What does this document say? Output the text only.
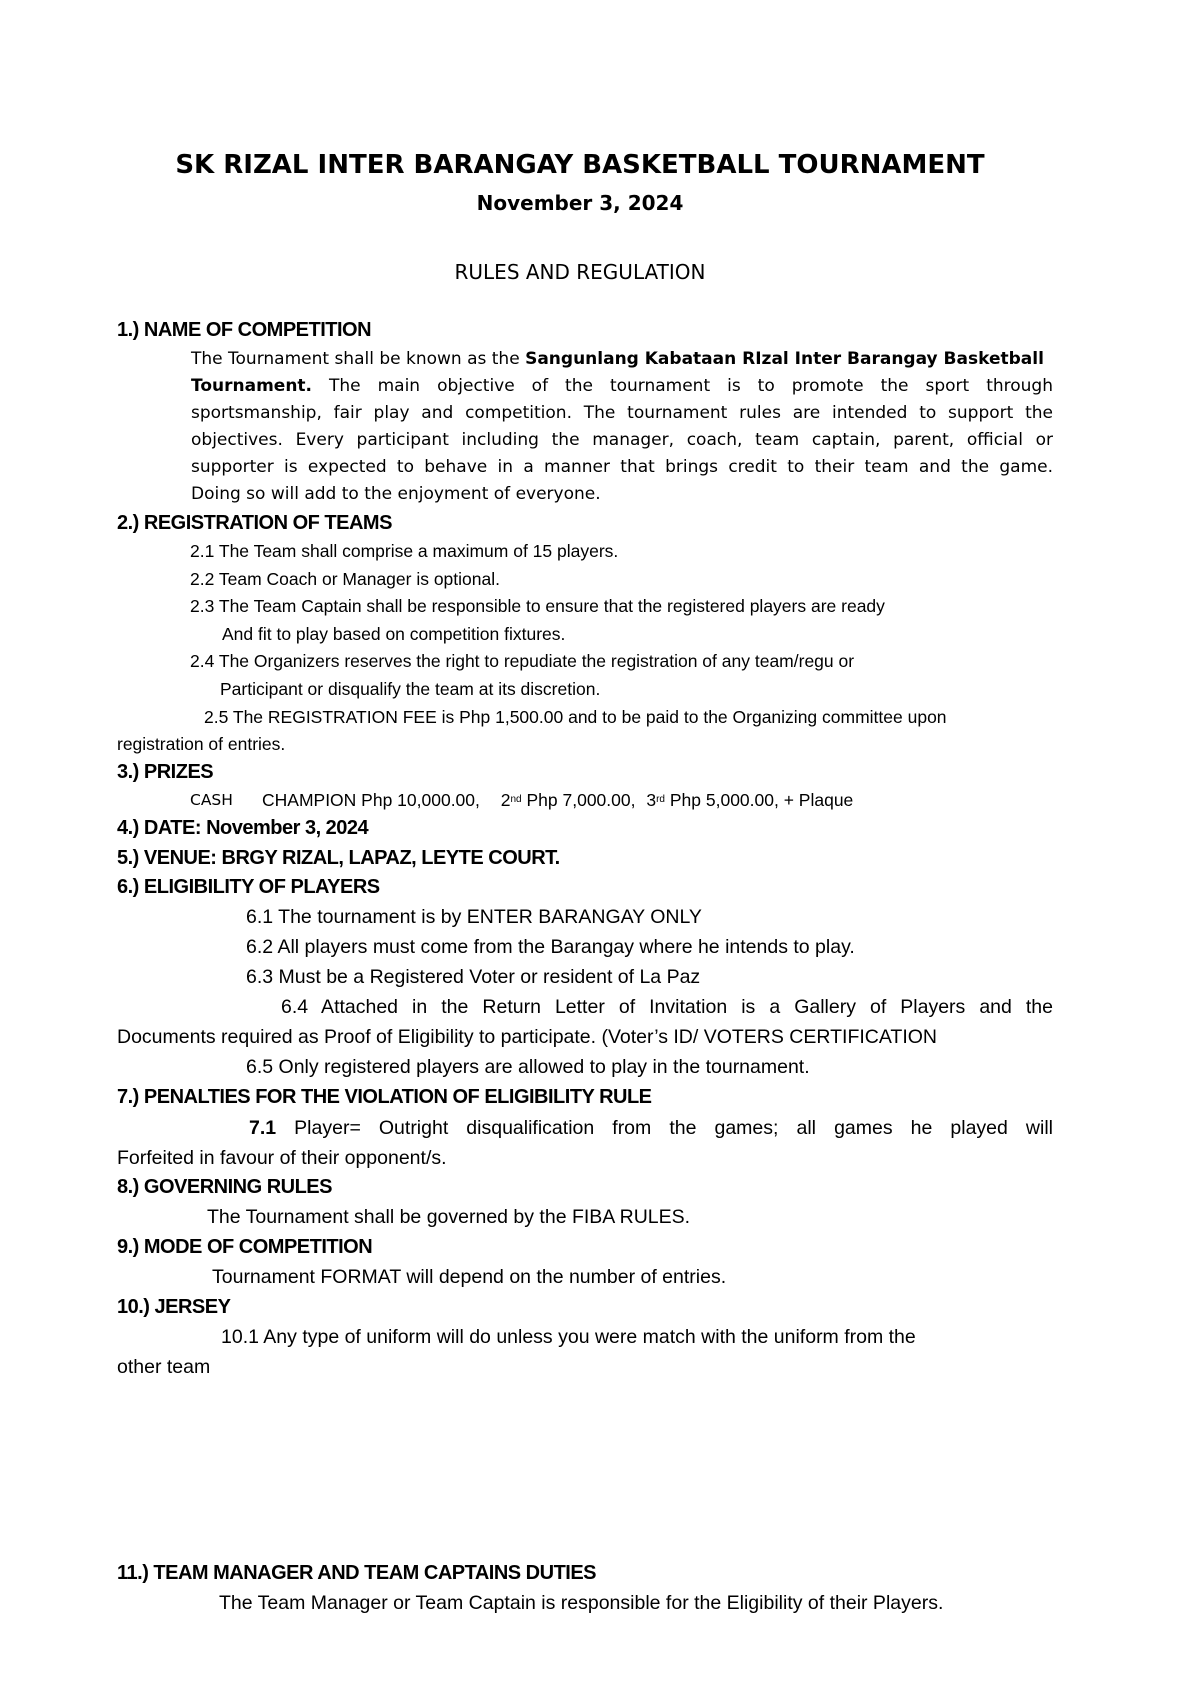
SK RIZAL INTER BARANGAY BASKETBALL TOURNAMENT
November 3, 2024
RULES AND REGULATION
1.) NAME OF COMPETITION
The Tournament shall be known as the Sangunlang Kabataan RIzal Inter Barangay Basketball
Tournament. The main objective of the tournament is to promote the sport through
sportsmanship, fair play and competition. The tournament rules are intended to support the
objectives. Every participant including the manager, coach, team captain, parent, official or
supporter is expected to behave in a manner that brings credit to their team and the game.
Doing so will add to the enjoyment of everyone.
2.) REGISTRATION OF TEAMS
2.1 The Team shall comprise a maximum of 15 players.
2.2 Team Coach or Manager is optional.
2.3 The Team Captain shall be responsible to ensure that the registered players are ready
And fit to play based on competition fixtures.
2.4 The Organizers reserves the right to repudiate the registration of any team/regu or
Participant or disqualify the team at its discretion.
2.5 The REGISTRATION FEE is Php 1,500.00 and to be paid to the Organizing committee upon
registration of entries.
3.) PRIZES
CASH CHAMPION Php 10,000.00, 2nd Php 7,000.00, 3rd Php 5,000.00, + Plaque
4.) DATE: November 3, 2024
5.) VENUE: BRGY RIZAL, LAPAZ, LEYTE COURT.
6.) ELIGIBILITY OF PLAYERS
6.1 The tournament is by ENTER BARANGAY ONLY
6.2 All players must come from the Barangay where he intends to play.
6.3 Must be a Registered Voter or resident of La Paz
6.4 Attached in the Return Letter of Invitation is a Gallery of Players and the
Documents required as Proof of Eligibility to participate. (Voter’s ID/ VOTERS CERTIFICATION
6.5 Only registered players are allowed to play in the tournament.
7.) PENALTIES FOR THE VIOLATION OF ELIGIBILITY RULE
7.1 Player= Outright disqualification from the games; all games he played will
Forfeited in favour of their opponent/s.
8.) GOVERNING RULES
The Tournament shall be governed by the FIBA RULES.
9.) MODE OF COMPETITION
Tournament FORMAT will depend on the number of entries.
10.) JERSEY
10.1 Any type of uniform will do unless you were match with the uniform from the
other team
11.) TEAM MANAGER AND TEAM CAPTAINS DUTIES
The Team Manager or Team Captain is responsible for the Eligibility of their Players.
